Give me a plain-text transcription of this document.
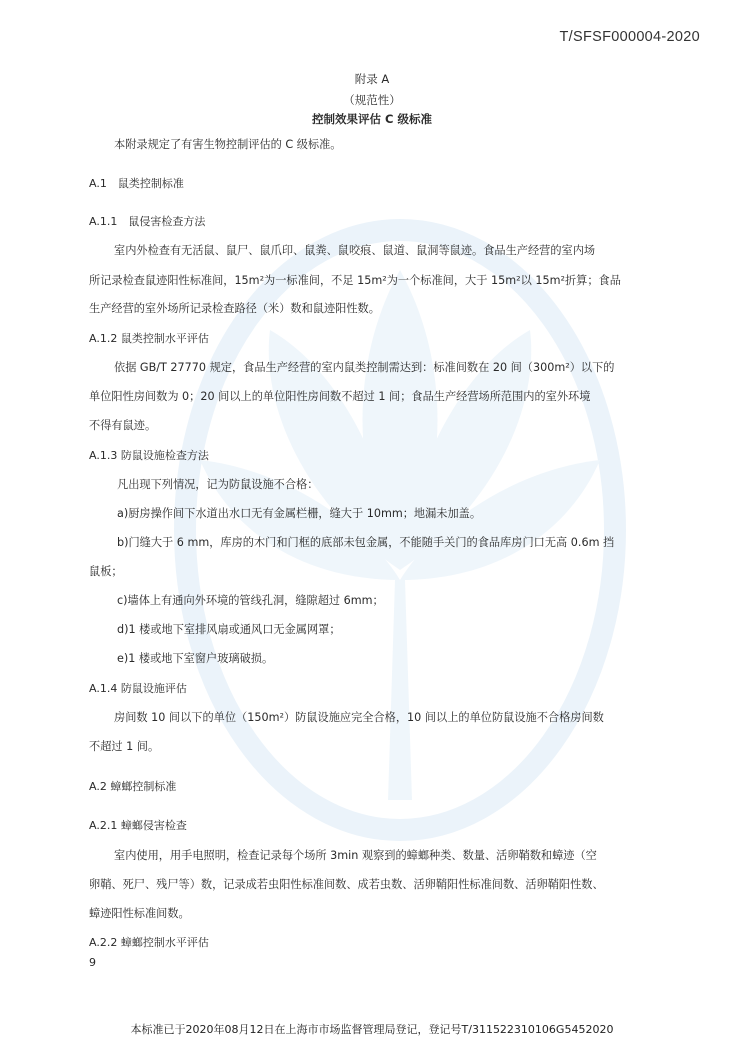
T/SFSF000004-2020
附录 A
（规范性）
控制效果评估 C 级标准
本附录规定了有害生物控制评估的 C 级标准。
A.1　鼠类控制标准
A.1.1　鼠侵害检查方法
室内外检查有无活鼠、鼠尸、鼠爪印、鼠粪、鼠咬痕、鼠道、鼠洞等鼠迹。食品生产经营的室内场
所记录检查鼠迹阳性标准间，15m²为一标准间，不足 15m²为一个标准间，大于 15m²以 15m²折算；食品
生产经营的室外场所记录检查路径（米）数和鼠迹阳性数。
A.1.2 鼠类控制水平评估
依据 GB/T 27770 规定，食品生产经营的室内鼠类控制需达到：标准间数在 20 间（300m²）以下的
单位阳性房间数为 0；20 间以上的单位阳性房间数不超过 1 间；食品生产经营场所范围内的室外环境
不得有鼠迹。
A.1.3 防鼠设施检查方法
凡出现下列情况，记为防鼠设施不合格：
a)厨房操作间下水道出水口无有金属栏栅，缝大于 10mm；地漏未加盖。
b)门缝大于 6 mm，库房的木门和门框的底部未包金属，不能随手关门的食品库房门口无高 0.6m 挡
鼠板；
c)墙体上有通向外环境的管线孔洞，缝隙超过 6mm；
d)1 楼或地下室排风扇或通风口无金属网罩；
e)1 楼或地下室窗户玻璃破损。
A.1.4 防鼠设施评估
房间数 10 间以下的单位（150m²）防鼠设施应完全合格，10 间以上的单位防鼠设施不合格房间数
不超过 1 间。
A.2 蟑螂控制标准
A.2.1 蟑螂侵害检查
室内使用，用手电照明，检查记录每个场所 3min 观察到的蟑螂种类、数量、活卵鞘数和蟑迹（空
卵鞘、死尸、残尸等）数，记录成若虫阳性标准间数、成若虫数、活卵鞘阳性标准间数、活卵鞘阳性数、
蟑迹阳性标准间数。
A.2.2 蟑螂控制水平评估
9
本标准已于2020年08月12日在上海市市场监督管理局登记，登记号T/311522310106G5452020
